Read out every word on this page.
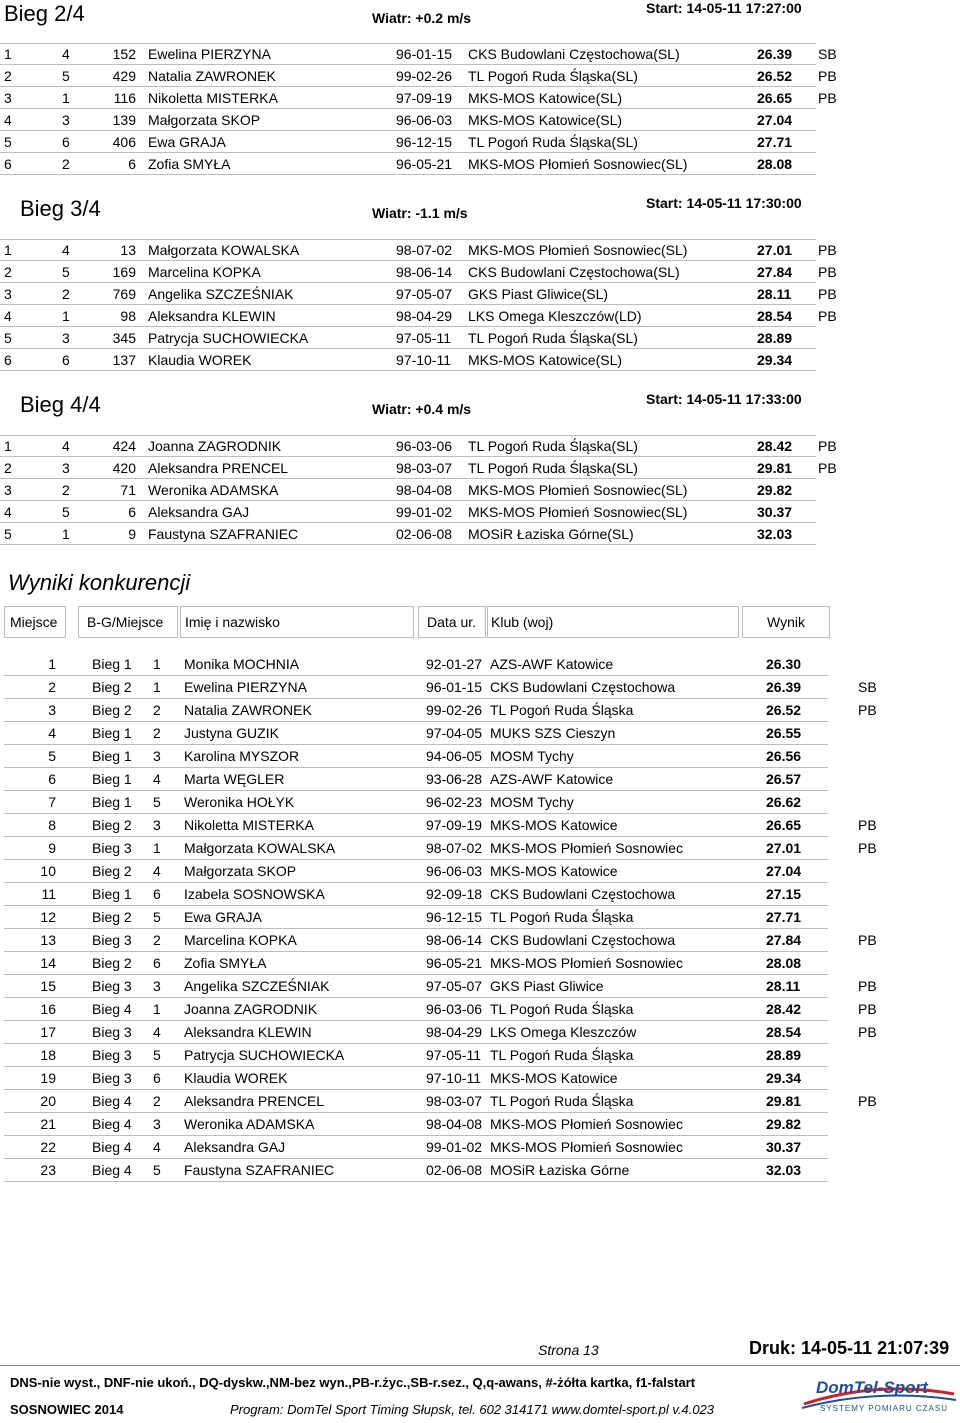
Bieg 2/4	Wiatr: +0.2 m/s
Start: 14-05-11 17:27:00
1	4	152 Ewelina PIERZYNA	96-01-15 CKS Budowlani Częstochowa(SL)	26.39 SB
2	5	429 Natalia ZAWRONEK	99-02-26 TL Pogoń Ruda Śląska(SL)	26.52 PB
3	1	116 Nikoletta MISTERKA	97-09-19 MKS-MOS Katowice(SL)	26.65 PB
4	3	139 Małgorzata SKOP	96-06-03 MKS-MOS Katowice(SL)	27.04
5	6	406 Ewa GRAJA	96-12-15 TL Pogoń Ruda Śląska(SL)	27.71
6	2	6 Zofia SMYŁA	96-05-21 MKS-MOS Płomień Sosnowiec(SL)	28.08
Bieg 3/4	Wiatr: -1.1 m/s
Start: 14-05-11 17:30:00
1	4	13 Małgorzata KOWALSKA	98-07-02 MKS-MOS Płomień Sosnowiec(SL)	27.01 PB
2	5	169 Marcelina KOPKA	98-06-14 CKS Budowlani Częstochowa(SL)	27.84 PB
3	2	769 Angelika SZCZEŚNIAK	97-05-07 GKS Piast Gliwice(SL)	28.11 PB
4	1	98 Aleksandra KLEWIN	98-04-29 LKS Omega Kleszczów(LD)	28.54 PB
5	3	345 Patrycja SUCHOWIECKA	97-05-11 TL Pogoń Ruda Śląska(SL)	28.89
6	6	137 Klaudia WOREK	97-10-11 MKS-MOS Katowice(SL)	29.34
Bieg 4/4	Wiatr: +0.4 m/s
Start: 14-05-11 17:33:00
1	4	424 Joanna ZAGRODNIK	96-03-06 TL Pogoń Ruda Śląska(SL)	28.42 PB
2	3	420 Aleksandra PRENCEL	98-03-07 TL Pogoń Ruda Śląska(SL)	29.81 PB
3	2	71 Weronika ADAMSKA	98-04-08 MKS-MOS Płomień Sosnowiec(SL)	29.82
4	5	6 Aleksandra GAJ	99-01-02 MKS-MOS Płomień Sosnowiec(SL)	30.37
5	1	9 Faustyna SZAFRANIEC	02-06-08 MOSiR Łaziska Górne(SL)	32.03
Wyniki konkurencji
Miejsce B-G/Miejsce Imię i nazwisko	Data ur. Klub (woj)	Wynik
1	Bieg 1 1 Monika MOCHNIA	92-01-27 AZS-AWF Katowice	26.30
2	Bieg 2 1 Ewelina PIERZYNA	96-01-15 CKS Budowlani Częstochowa	26.39	SB
3	Bieg 2 2 Natalia ZAWRONEK	99-02-26 TL Pogoń Ruda Śląska	26.52	PB
4	Bieg 1 2 Justyna GUZIK	97-04-05 MUKS SZS Cieszyn	26.55
5	Bieg 1 3 Karolina MYSZOR	94-06-05 MOSM Tychy	26.56
6	Bieg 1 4 Marta WĘGLER	93-06-28 AZS-AWF Katowice	26.57
7	Bieg 1 5 Weronika HOŁYK	96-02-23 MOSM Tychy	26.62
8	Bieg 2 3 Nikoletta MISTERKA	97-09-19 MKS-MOS Katowice	26.65	PB
9	Bieg 3 1 Małgorzata KOWALSKA	98-07-02 MKS-MOS Płomień Sosnowiec	27.01	PB
10	Bieg 2 4 Małgorzata SKOP	96-06-03 MKS-MOS Katowice	27.04
11	Bieg 1 6 Izabela SOSNOWSKA	92-09-18 CKS Budowlani Częstochowa	27.15
12	Bieg 2 5 Ewa GRAJA	96-12-15 TL Pogoń Ruda Śląska	27.71
13	Bieg 3 2 Marcelina KOPKA	98-06-14 CKS Budowlani Częstochowa	27.84	PB
14	Bieg 2 6 Zofia SMYŁA	96-05-21 MKS-MOS Płomień Sosnowiec	28.08
15	Bieg 3 3 Angelika SZCZEŚNIAK	97-05-07 GKS Piast Gliwice	28.11	PB
16	Bieg 4 1 Joanna ZAGRODNIK	96-03-06 TL Pogoń Ruda Śląska	28.42	PB
17	Bieg 3 4 Aleksandra KLEWIN	98-04-29 LKS Omega Kleszczów	28.54	PB
18	Bieg 3 5 Patrycja SUCHOWIECKA	97-05-11 TL Pogoń Ruda Śląska	28.89
19	Bieg 3 6 Klaudia WOREK	97-10-11 MKS-MOS Katowice	29.34
20	Bieg 4 2 Aleksandra PRENCEL	98-03-07 TL Pogoń Ruda Śląska	29.81	PB
21	Bieg 4 3 Weronika ADAMSKA	98-04-08 MKS-MOS Płomień Sosnowiec	29.82
22	Bieg 4 4 Aleksandra GAJ	99-01-02 MKS-MOS Płomień Sosnowiec	30.37
23	Bieg 4 5 Faustyna SZAFRANIEC	02-06-08 MOSiR Łaziska Górne	32.03
Strona 13	Druk: 14-05-11 21:07:39
DNS-nie wyst., DNF-nie ukoń., DQ-dyskw.,NM-bez wyn.,PB-r.życ.,SB-r.sez., Q,q-awans, #-żółta kartka, f1-falstart
SOSNOWIEC 2014	Program: DomTel Sport Timing Słupsk, tel. 602 314171 www.domtel-sport.pl v.4.023
DomTel-Sport
SYSTEMY POMIARU CZASU
